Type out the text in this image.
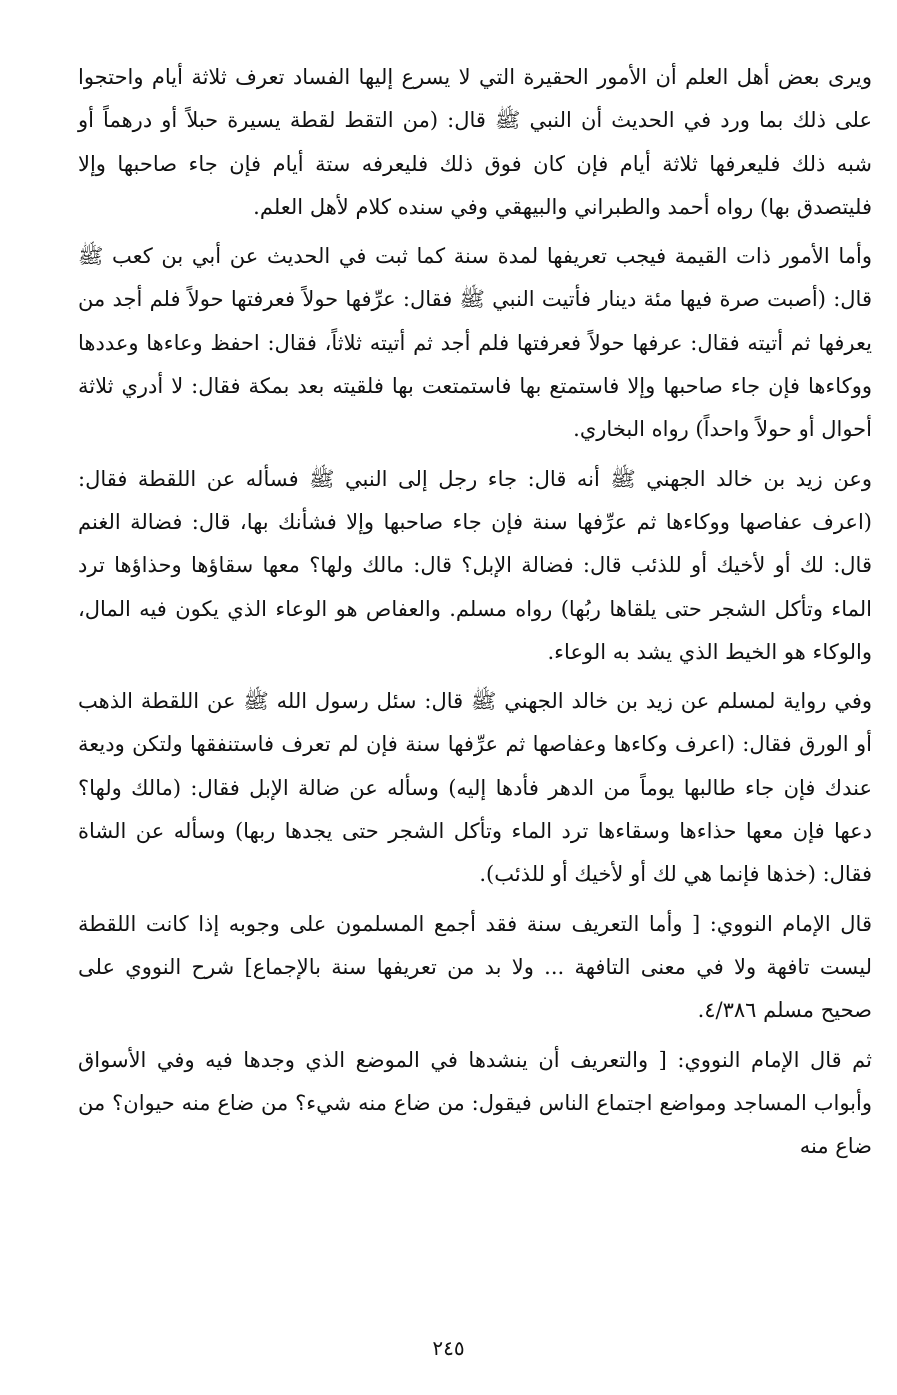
ويرى بعض أهل العلم أن الأمور الحقيرة التي لا يسرع إليها الفساد تعرف ثلاثة أيام واحتجوا على ذلك بما ورد في الحديث أن النبي ﷺ قال: (من التقط لقطة يسيرة حبلاً أو درهماً أو شبه ذلك فليعرفها ثلاثة أيام فإن كان فوق ذلك فليعرفه ستة أيام فإن جاء صاحبها وإلا فليتصدق بها) رواه أحمد والطبراني والبيهقي وفي سنده كلام لأهل العلم.

وأما الأمور ذات القيمة فيجب تعريفها لمدة سنة كما ثبت في الحديث عن أبي بن كعب ﷺ قال: (أصبت صرة فيها مئة دينار فأتيت النبي ﷺ فقال: عرِّفها حولاً فعرفتها حولاً فلم أجد من يعرفها ثم أتيته فقال: عرفها حولاً فعرفتها فلم أجد ثم أتيته ثلاثاً، فقال: احفظ وعاءها وعددها ووكاءها فإن جاء صاحبها وإلا فاستمتع بها فاستمتعت بها فلقيته بعد بمكة فقال: لا أدري ثلاثة أحوال أو حولاً واحداً) رواه البخاري.

وعن زيد بن خالد الجهني ﷺ أنه قال: جاء رجل إلى النبي ﷺ فسأله عن اللقطة فقال: (اعرف عفاصها ووكاءها ثم عرِّفها سنة فإن جاء صاحبها وإلا فشأنك بها، قال: فضالة الغنم قال: لك أو لأخيك أو للذئب قال: فضالة الإبل؟ قال: مالك ولها؟ معها سقاؤها وحذاؤها ترد الماء وتأكل الشجر حتى يلقاها ربُها) رواه مسلم. والعفاص هو الوعاء الذي يكون فيه المال، والوكاء هو الخيط الذي يشد به الوعاء.

وفي رواية لمسلم عن زيد بن خالد الجهني ﷺ قال: سئل رسول الله ﷺ عن اللقطة الذهب أو الورق فقال: (اعرف وكاءها وعفاصها ثم عرِّفها سنة فإن لم تعرف فاستنفقها ولتكن وديعة عندك فإن جاء طالبها يوماً من الدهر فأدها إليه) وسأله عن ضالة الإبل فقال: (مالك ولها؟ دعها فإن معها حذاءها وسقاءها ترد الماء وتأكل الشجر حتى يجدها ربها) وسأله عن الشاة فقال: (خذها فإنما هي لك أو لأخيك أو للذئب).

قال الإمام النووي: [ وأما التعريف سنة فقد أجمع المسلمون على وجوبه إذا كانت اللقطة ليست تافهة ولا في معنى التافهة ... ولا بد من تعريفها سنة بالإجماع] شرح النووي على صحيح مسلم ٤/٣٨٦.

ثم قال الإمام النووي: [ والتعريف أن ينشدها في الموضع الذي وجدها فيه وفي الأسواق وأبواب المساجد ومواضع اجتماع الناس فيقول: من ضاع منه شيء؟ من ضاع منه حيوان؟ من ضاع منه

٢٤٥
